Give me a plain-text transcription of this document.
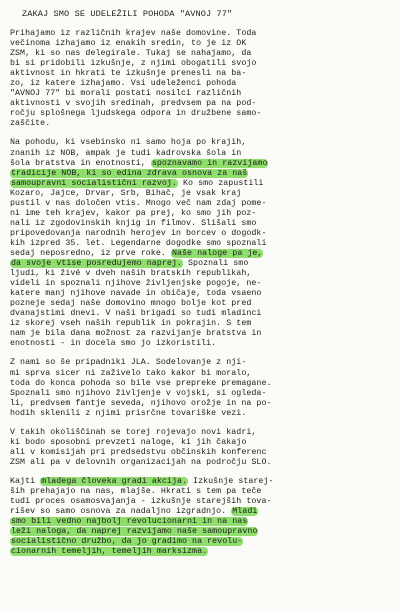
ZAKAJ SMO SE UDELEŽILI POHODA "AVNOJ 77"
Prihajamo iz različnih krajev naše domovine. Toda
večinoma izhajamo iz enakih sredin, to je iz OK
ZSM, ki so nas delegirale. Tukaj se nahajamo, da
bi si pridobili izkušnje, z njimi obogatili svojo
aktivnost in hkrati te izkušnje prenesli na ba-
zo, iz katere izhajamo. Vsi udeleženci pohoda
"AVNOJ 77" bi morali postati nosilci različnih
aktivnosti v svojih sredinah, predvsem pa na pod-
ročju splošnega ljudskega odpora in družbene samo-
zaščite.
Na pohodu, ki vsebinsko ni samo hoja po krajih,
znanih iz NOB, ampak je tudi kadrovska šola in
šola bratstva in enotnosti, spoznavamo in razvijamo
tradicije NOB, ki so edina zdrava osnova za naš
samoupravni socialistični razvoj. Ko smo zapustili
Kozaro, Jajce, Drvar, Srb, Bihač, je vsak kraj
pustil v nas določen vtis. Mnogo več nam zdaj pome-
ni ime teh krajev, kakor pa prej, ko smo jih poz-
nali iz zgodovinskih knjig in filmov. Slišali smo
pripovedovanja narodnih herojev in borcev o dogodk-
kih izpred 35. let. Legendarne dogodke smo spoznali
sedaj neposredno, iz prve roke. Naše naloge pa je,
da svoje vtise posredujemo naprej. Spoznali smo
ljudi, ki živé v dveh naših bratskih republikah,
videli in spoznali njihove življenjske pogoje, ne-
katere manj njihove navade in običaje, toda vsaeno
pozneje sedaj naše domovino mnogo bolje kot pred
dvanajstimi dnevi. V naši brigadi so tudi mladinci
iz skorej vseh naših republik in pokrajin. S tem
nam je bila dana možnost za razvijanje bratstva in
enotnosti - in docela smo jo izkoristili.
Z nami so še pripadniki JLA. Sodelovanje z nji-
mi sprva sicer ni zaživelo tako kakor bi moralo,
toda do konca pohoda so bile vse prepreke premagane.
Spoznali smo njihovo življenje v vojski, si ogleda-
li, predvsem fantje seveda, njihovo orožje in na po-
hodih sklenili z njimi prisrčne tovariške vezi.
V takih okoliščinah se torej rojevajo novi kadri,
ki bodo sposobni prevzeti naloge, ki jih čakajo
ali v komisijah pri predsedstvu občinskih konferenc
ZSM ali pa v delovnih organizacijah na področju SLO.
Kajti mladega človeka gradi akcija. Izkušnje starej-
ših prehajajo na nas, mlajše. Hkrati s tem pa teče
tudi proces osamosvajanja - izkušnje starejših tova-
rišev so samo osnova za nadaljno izgradnjo. Mladi
smo bili vedno najbolj revolucionarni in na nas
leži naloga, da naprej razvijamo naše samoupravno
socialistično družbo, da jo gradimo na revolu-
cionarnih temeljih, temeljih marksizma.
